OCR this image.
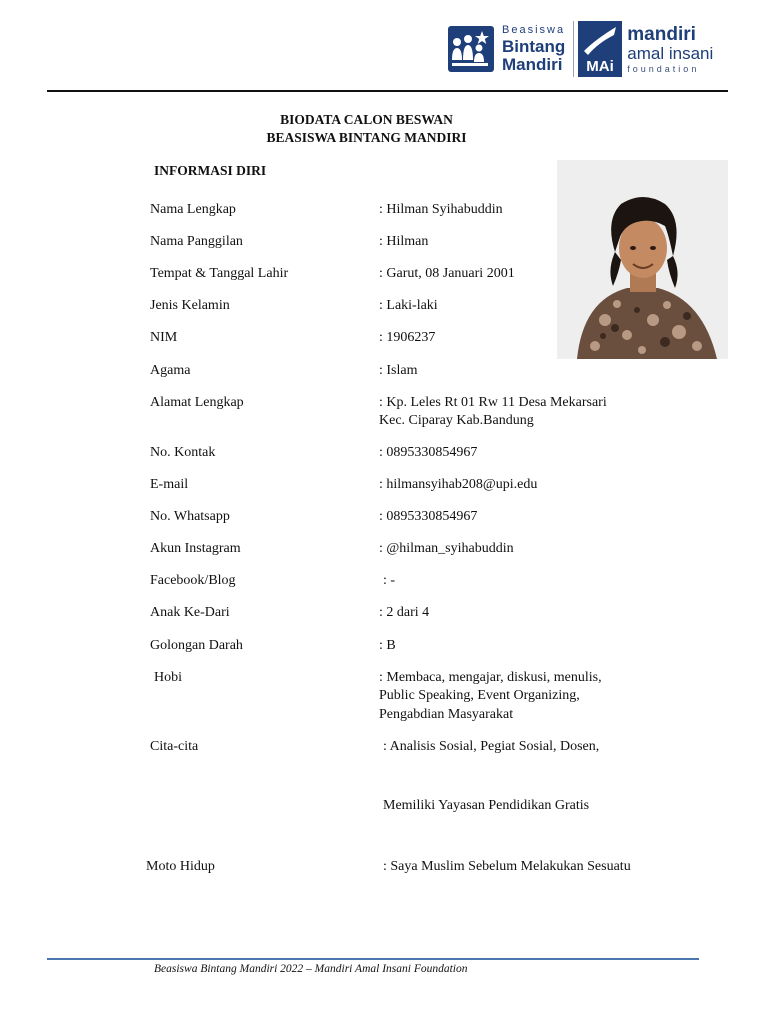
Beasiswa
Bintang
Mandiri MAi
mandiri
amal insani
foundation
BIODATA CALON BESWAN
BEASISWA BINTANG MANDIRI
INFORMASI DIRI
Nama Lengkap	: Hilman Syihabuddin
Nama Panggilan	: Hilman
Tempat & Tanggal Lahir	: Garut, 08 Januari 2001
Jenis Kelamin	: Laki-laki
NIM	: 1906237
Agama	: Islam
Alamat Lengkap	: Kp. Leles Rt 01 Rw 11 Desa Mekarsari
Kec. Ciparay Kab.Bandung
No. Kontak	: 0895330854967
E-mail	: hilmansyihab208@upi.edu
No. Whatsapp	: 0895330854967
Akun Instagram	: @hilman_syihabuddin
Facebook/Blog	: -
Anak Ke-Dari	: 2 dari 4
Golongan Darah	: B
Hobi	: Membaca, mengajar, diskusi, menulis,
Public Speaking, Event Organizing,
Pengabdian Masyarakat
Cita-cita	: Analisis Sosial, Pegiat Sosial, Dosen,
Memiliki Yayasan Pendidikan Gratis
Moto Hidup	: Saya Muslim Sebelum Melakukan Sesuatu
Beasiswa Bintang Mandiri 2022 – Mandiri Amal Insani Foundation
